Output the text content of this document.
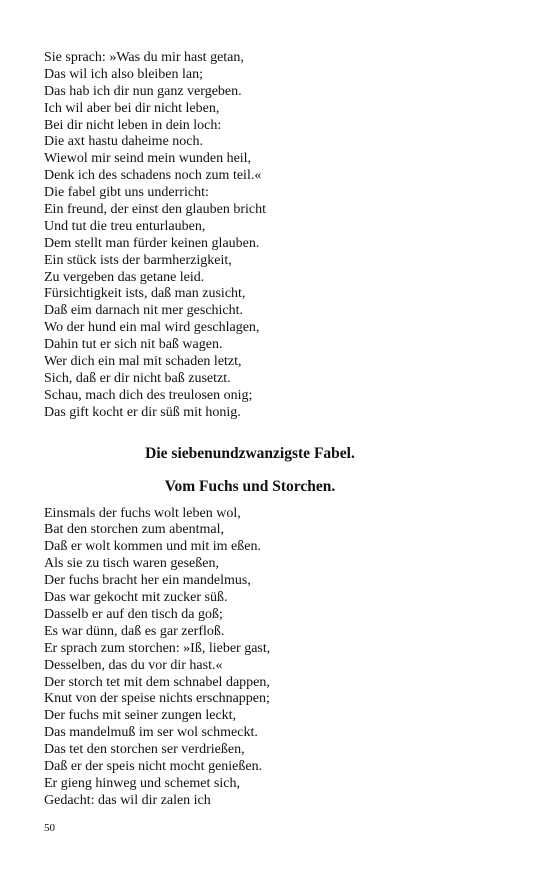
Sie sprach: »Was du mir hast getan,
Das wil ich also bleiben lan;
Das hab ich dir nun ganz vergeben.
Ich wil aber bei dir nicht leben,
Bei dir nicht leben in dein loch:
Die axt hastu daheime noch.
Wiewol mir seind mein wunden heil,
Denk ich des schadens noch zum teil.«
Die fabel gibt uns underricht:
Ein freund, der einst den glauben bricht
Und tut die treu enturlauben,
Dem stellt man fürder keinen glauben.
Ein stück ists der barmherzigkeit,
Zu vergeben das getane leid.
Fürsichtigkeit ists, daß man zusicht,
Daß eim darnach nit mer geschicht.
Wo der hund ein mal wird geschlagen,
Dahin tut er sich nit baß wagen.
Wer dich ein mal mit schaden letzt,
Sich, daß er dir nicht baß zusetzt.
Schau, mach dich des treulosen onig;
Das gift kocht er dir süß mit honig.
Die siebenundzwanzigste Fabel.
Vom Fuchs und Storchen.
Einsmals der fuchs wolt leben wol,
Bat den storchen zum abentmal,
Daß er wolt kommen und mit im eßen.
Als sie zu tisch waren geseßen,
Der fuchs bracht her ein mandelmus,
Das war gekocht mit zucker süß.
Dasselb er auf den tisch da goß;
Es war dünn, daß es gar zerfloß.
Er sprach zum storchen: »Iß, lieber gast,
Desselben, das du vor dir hast.«
Der storch tet mit dem schnabel dappen,
Knut von der speise nichts erschnappen;
Der fuchs mit seiner zungen leckt,
Das mandelmuß im ser wol schmeckt.
Das tet den storchen ser verdrießen,
Daß er der speis nicht mocht genießen.
Er gieng hinweg und schemet sich,
Gedacht: das wil dir zalen ich
50
